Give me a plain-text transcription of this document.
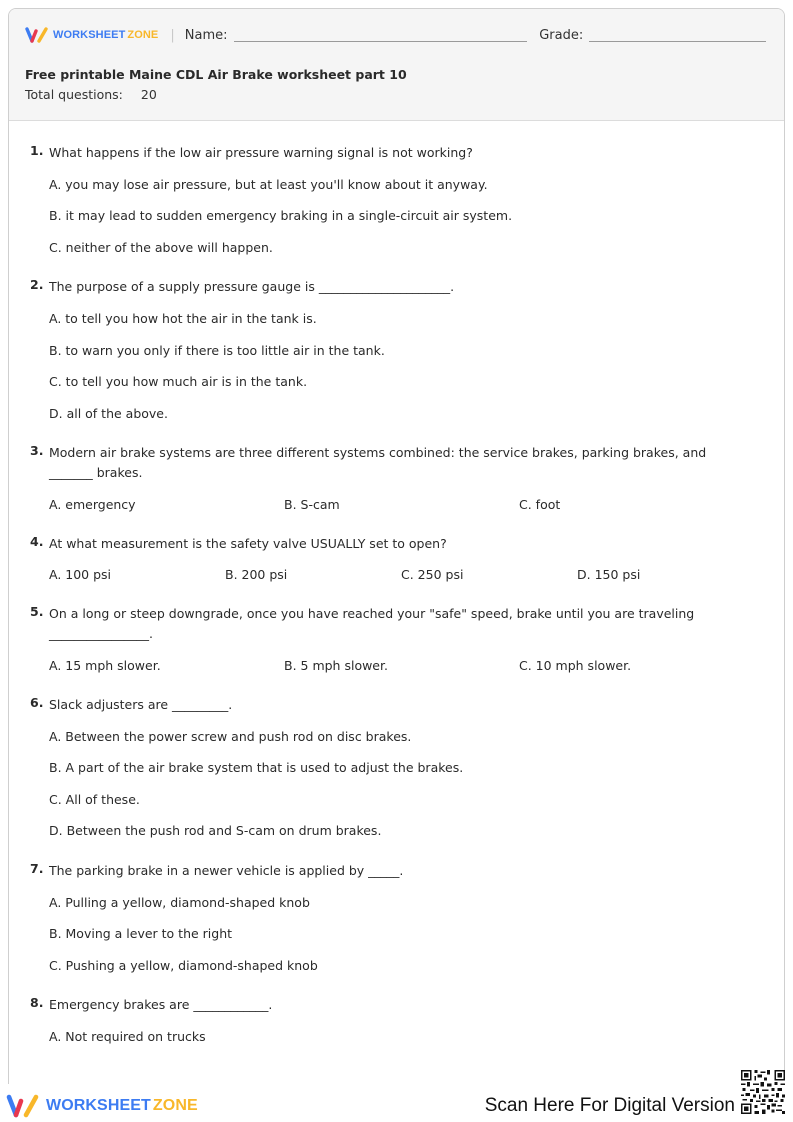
WORKSHEET ZONE | Name:	Grade:
Free printable Maine CDL Air Brake worksheet part 10
Total questions: 20
1. What happens if the low air pressure warning signal is not working?
A. you may lose air pressure, but at least you'll know about it anyway.
B. it may lead to sudden emergency braking in a single-circuit air system.
C. neither of the above will happen.
2. The purpose of a supply pressure gauge is _____________________.
A. to tell you how hot the air in the tank is.
B. to warn you only if there is too little air in the tank.
C. to tell you how much air is in the tank.
D. all of the above.
3. Modern air brake systems are three different systems combined: the service brakes, parking brakes, and _______ brakes.
A. emergency	B. S-cam	C. foot
4. At what measurement is the safety valve USUALLY set to open?
A. 100 psi	B. 200 psi	C. 250 psi	D. 150 psi
5. On a long or steep downgrade, once you have reached your "safe" speed, brake until you are traveling ________________.
A. 15 mph slower.	B. 5 mph slower.	C. 10 mph slower.
6. Slack adjusters are _________.
A. Between the power screw and push rod on disc brakes.
B. A part of the air brake system that is used to adjust the brakes.
C. All of these.
D. Between the push rod and S-cam on drum brakes.
7. The parking brake in a newer vehicle is applied by _____.
A. Pulling a yellow, diamond-shaped knob
B. Moving a lever to the right
C. Pushing a yellow, diamond-shaped knob
8. Emergency brakes are ____________.
A. Not required on trucks
WORKSHEET ZONE	Scan Here For Digital Version
